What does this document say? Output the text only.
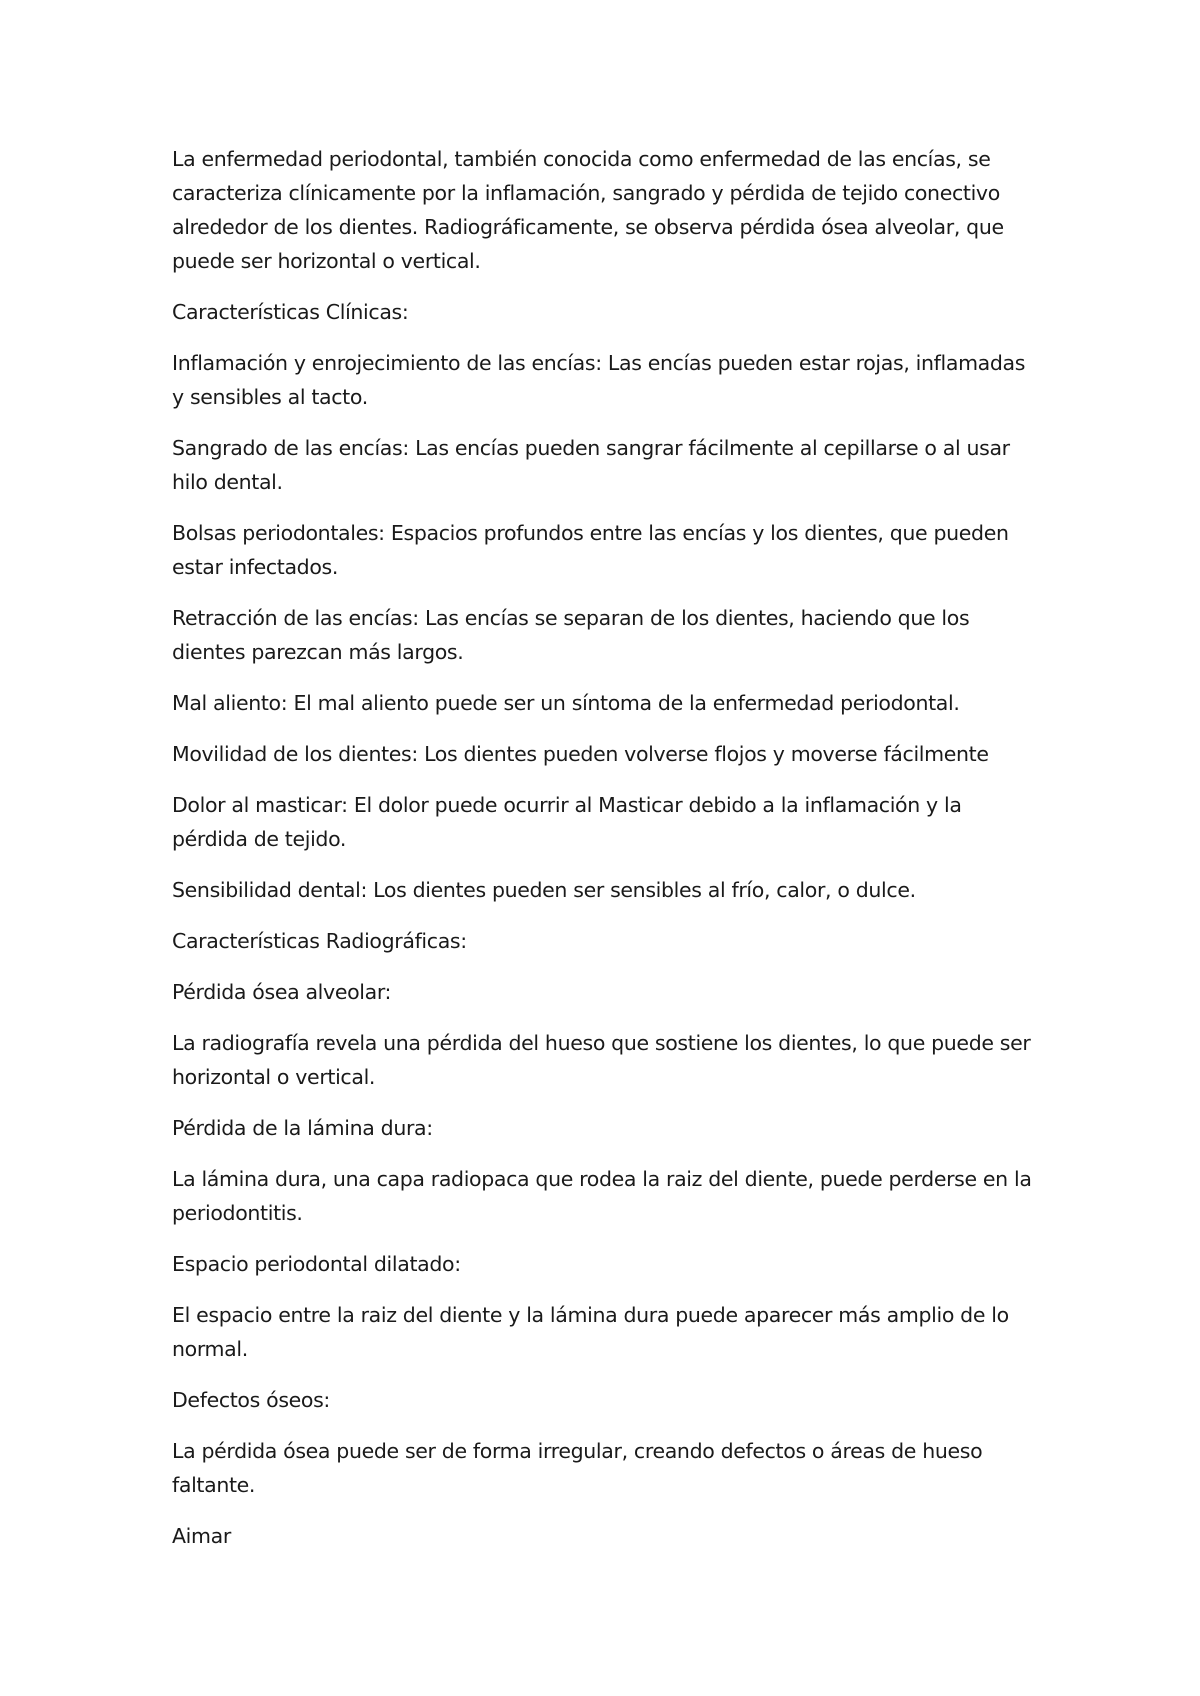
La enfermedad periodontal, también conocida como enfermedad de las encías, se caracteriza clínicamente por la inflamación, sangrado y pérdida de tejido conectivo alrededor de los dientes. Radiográficamente, se observa pérdida ósea alveolar, que puede ser horizontal o vertical.

Características Clínicas:

Inflamación y enrojecimiento de las encías: Las encías pueden estar rojas, inflamadas y sensibles al tacto.

Sangrado de las encías: Las encías pueden sangrar fácilmente al cepillarse o al usar hilo dental.

Bolsas periodontales: Espacios profundos entre las encías y los dientes, que pueden estar infectados.

Retracción de las encías: Las encías se separan de los dientes, haciendo que los dientes parezcan más largos.

Mal aliento: El mal aliento puede ser un síntoma de la enfermedad periodontal.

Movilidad de los dientes: Los dientes pueden volverse flojos y moverse fácilmente

Dolor al masticar: El dolor puede ocurrir al Masticar debido a la inflamación y la pérdida de tejido.

Sensibilidad dental: Los dientes pueden ser sensibles al frío, calor, o dulce.

Características Radiográficas:

Pérdida ósea alveolar:

La radiografía revela una pérdida del hueso que sostiene los dientes, lo que puede ser horizontal o vertical.

Pérdida de la lámina dura:

La lámina dura, una capa radiopaca que rodea la raiz del diente, puede perderse en la periodontitis.

Espacio periodontal dilatado:

El espacio entre la raiz del diente y la lámina dura puede aparecer más amplio de lo normal.

Defectos óseos:

La pérdida ósea puede ser de forma irregular, creando defectos o áreas de hueso faltante.

Aimar
